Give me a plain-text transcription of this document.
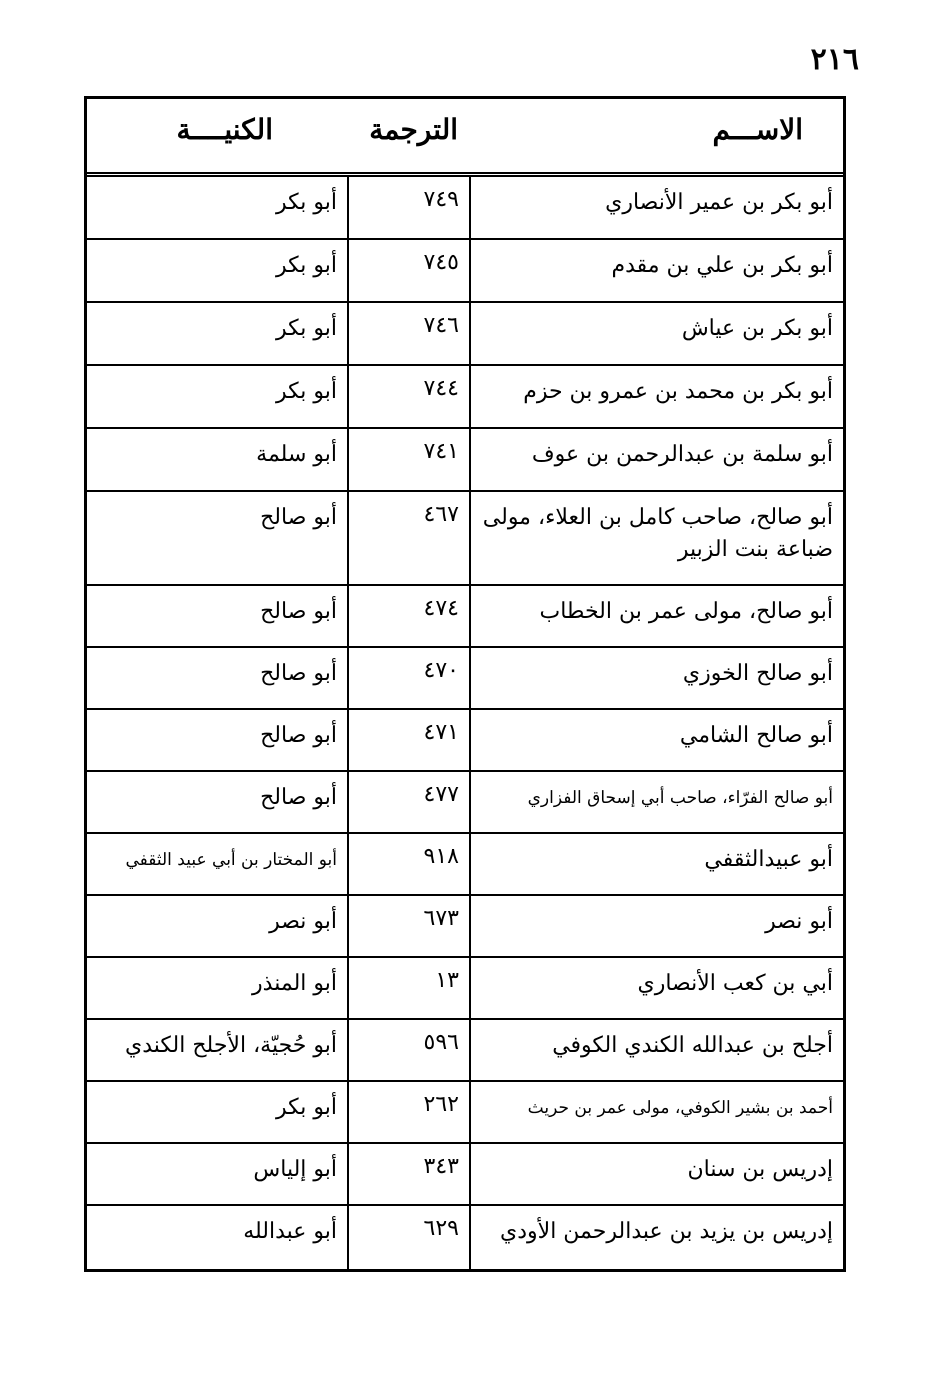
٢١٦
الاســـم
الترجمة
الكنيــــة
أبو بكر بن عمير الأنصاري
٧٤٩
أبو بكر
أبو بكر بن علي بن مقدم
٧٤٥
أبو بكر
أبو بكر بن عياش
٧٤٦
أبو بكر
أبو بكر بن محمد بن عمرو بن حزم
٧٤٤
أبو بكر
أبو سلمة بن عبدالرحمن بن عوف
٧٤١
أبو سلمة
أبو صالح، صاحب كامل بن العلاء، مولى ضباعة بنت الزبير
٤٦٧
أبو صالح
أبو صالح، مولى عمر بن الخطاب
٤٧٤
أبو صالح
أبو صالح الخوزي
٤٧٠
أبو صالح
أبو صالح الشامي
٤٧١
أبو صالح
أبو صالح الفرّاء، صاحب أبي إسحاق الفزاري
٤٧٧
أبو صالح
أبو عبيدالثقفي
٩١٨
أبو المختار بن أبي عبيد الثقفي
أبو نصر
٦٧٣
أبو نصر
أبي بن كعب الأنصاري
١٣
أبو المنذر
أجلح بن عبدالله الكندي الكوفي
٥٩٦
أبو حُجيّة، الأجلح الكندي
أحمد بن بشير الكوفي، مولى عمر بن حريث
٢٦٢
أبو بكر
إدريس بن سنان
٣٤٣
أبو إلياس
إدريس بن يزيد بن عبدالرحمن الأودي
٦٢٩
أبو عبدالله
